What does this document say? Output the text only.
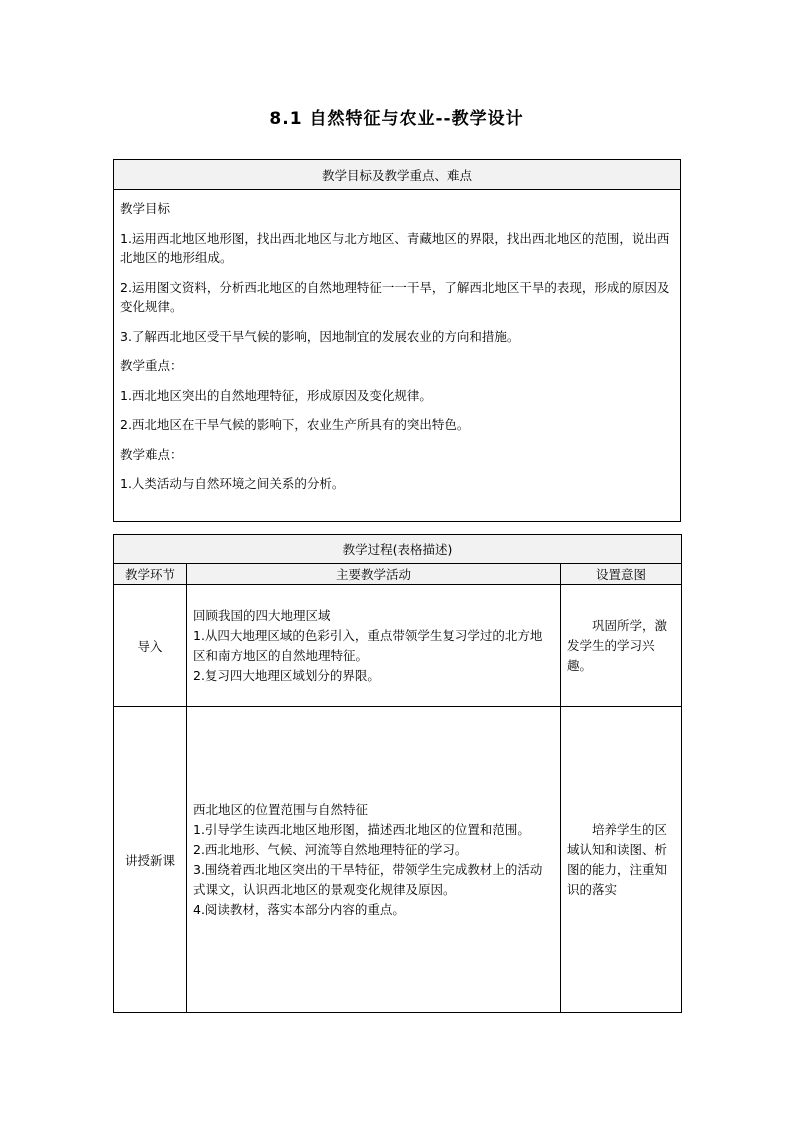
8.1 自然特征与农业--教学设计
教学目标及教学重点、难点

教学目标

1.运用西北地区地形图，找出西北地区与北方地区、青藏地区的界限，找出西北地区的范围，说出西北地区的地形组成。

2.运用图文资料，分析西北地区的自然地理特征一一干旱，了解西北地区干旱的表现，形成的原因及变化规律。

3.了解西北地区受干旱气候的影响，因地制宜的发展农业的方向和措施。

教学重点：

1.西北地区突出的自然地理特征，形成原因及变化规律。

2.西北地区在干旱气候的影响下，农业生产所具有的突出特色。

教学难点：

1.人类活动与自然环境之间关系的分析。

教学过程(表格描述)		
教学环节	主要教学活动	设置意图
导入	回顾我国的四大地理区域
1.从四大地理区域的色彩引入，重点带领学生复习学过的北方地区和南方地区的自然地理特征。
2.复习四大地理区域划分的界限。	巩固所学，激发学生的学习兴趣。

讲授新课	西北地区的位置范围与自然特征
1.引导学生读西北地区地形图，描述西北地区的位置和范围。
2.西北地形、气候、河流等自然地理特征的学习。
3.围绕着西北地区突出的干旱特征，带领学生完成教材上的活动式课文，认识西北地区的景观变化规律及原因。
4.阅读教材，落实本部分内容的重点。	培养学生的区域认知和读图、析图的能力，注重知识的落实
